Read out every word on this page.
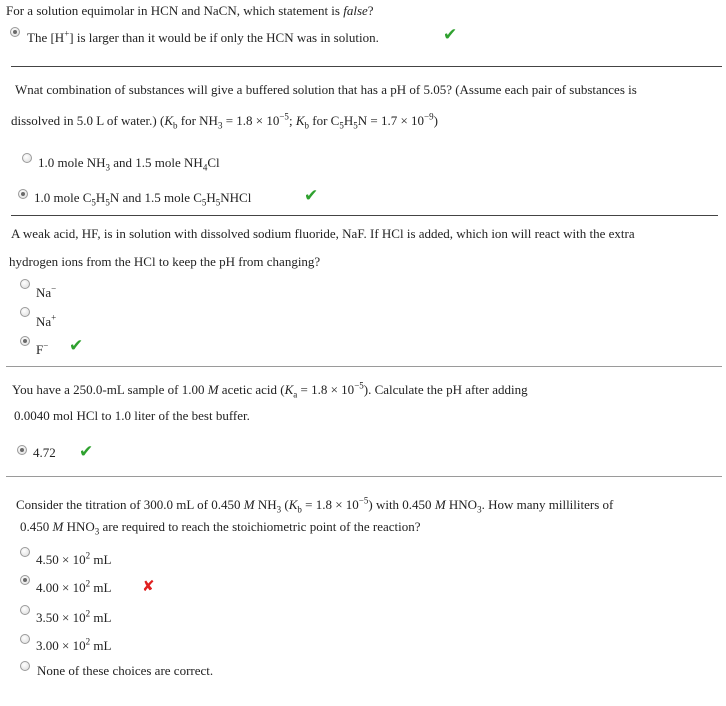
For a solution equimolar in HCN and NaCN, which statement is false?
The [H+] is larger than it would be if only the HCN was in solution.	✔
Wnat combination of substances will give a buffered solution that has a pH of 5.05? (Assume each pair of substances is
dissolved in 5.0 L of water.) ($K_b$ for $NH_3 = 1.8 \times 10^{-5}$; $K_b$ for $C_5H_5N = 1.7 \times 10^{-9}$)
1.0 mole $NH_3$ and 1.5 mole $NH_4Cl$
1.0 mole $C_5H_5N$ and 1.5 mole $C_5H_5NHCl$	✔
A weak acid, HF, is in solution with dissolved sodium fluoride, NaF. If HCl is added, which ion will react with the extra
hydrogen ions from the HCl to keep the pH from changing?
Na−
Na+
F− ✔
You have a 250.0-mL sample of 1.00 M acetic acid $(K_a = 1.8 \times 10^{-5})$. Calculate the pH after adding
0.0040 mol HCl to 1.0 liter of the best buffer.
4.72 ✔
Consider the titration of 300.0 mL of 0.450 M $NH_3$ $(K_b = 1.8 \times 10^{-5})$ with 0.450 M $HNO_3$. How many milliliters of
0.450 M $HNO_3$ are required to reach the stoichiometric point of the reaction?
$4.50 \times 10^2$ mL
$4.00 \times 10^2$ mL ✘
$3.50 \times 10^2$ mL
$3.00 \times 10^2$ mL
None of these choices are correct.
